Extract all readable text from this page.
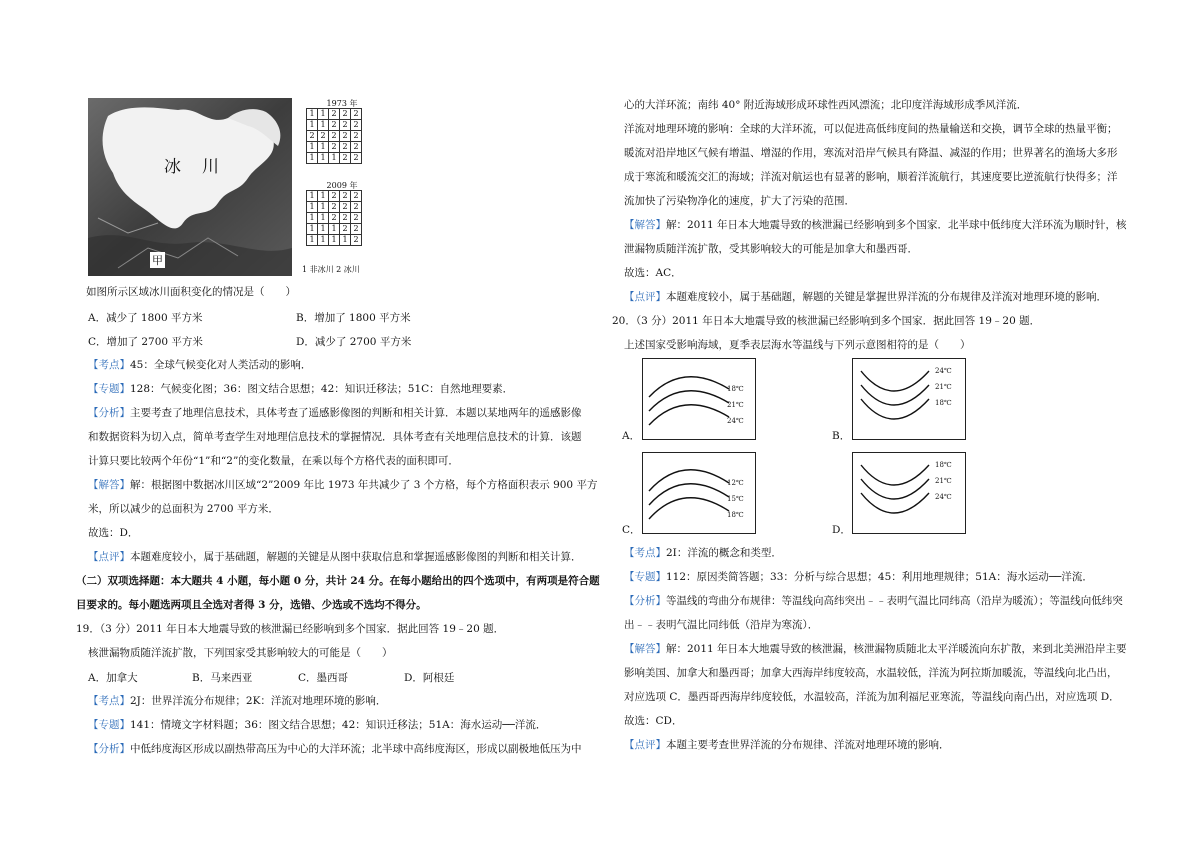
冰　川
甲
1973 年
1	1	2	2	2
1	1	2	2	2
2	2	2	2	2
1	1	2	2	2
1	1	1	2	2
2009 年
1	1	2	2	2
1	1	2	2	2
1	1	2	2	2
1	1	1	2	2
1	1	1	1	2
1 非冰川 2 冰川
如图所示区域冰川面积变化的情况是（　　）
A．减少了 1800 平方米	B．增加了 1800 平方米
C．增加了 2700 平方米	D．减少了 2700 平方米
【考点】45：全球气候变化对人类活动的影响．
【专题】128：气候变化图；36：图文结合思想；42：知识迁移法；51C：自然地理要素．
【分析】主要考查了地理信息技术，具体考查了遥感影像图的判断和相关计算．本题以某地两年的遥感影像
和数据资料为切入点，简单考查学生对地理信息技术的掌握情况．具体考查有关地理信息技术的计算．该题
计算只要比较两个年份“1”和“2”的变化数量，在乘以每个方格代表的面积即可．
【解答】解：根据图中数据冰川区域“2”2009 年比 1973 年共减少了 3 个方格，每个方格面积表示 900 平方
米，所以减少的总面积为 2700 平方米．
故选：D．
【点评】本题难度较小，属于基础题，解题的关键是从图中获取信息和掌握遥感影像图的判断和相关计算．
（二）双项选择题：本大题共 4 小题，每小题 0 分，共计 24 分。在每小题给出的四个选项中，有两项是符合题
目要求的。每小题选两项且全选对者得 3 分，选错、少选或不选均不得分。
19．（3 分）2011 年日本大地震导致的核泄漏已经影响到多个国家．据此回答 19﹣20 题．
核泄漏物质随洋流扩散，下列国家受其影响较大的可能是（　　）
A．加拿大	B．马来西亚	C．墨西哥	D．阿根廷
【考点】2J：世界洋流分布规律；2K：洋流对地理环境的影响．
【专题】141：情境文字材料题；36：图文结合思想；42：知识迁移法；51A：海水运动──洋流．
【分析】中低纬度海区形成以副热带高压为中心的大洋环流；北半球中高纬度海区，形成以副极地低压为中
心的大洋环流；南纬 40° 附近海域形成环球性西风漂流；北印度洋海域形成季风洋流．
洋流对地理环境的影响：全球的大洋环流，可以促进高低纬度间的热量输送和交换，调节全球的热量平衡；
暖流对沿岸地区气候有增温、增湿的作用，寒流对沿岸气候具有降温、减湿的作用；世界著名的渔场大多形
成于寒流和暖流交汇的海域；洋流对航运也有显著的影响，顺着洋流航行，其速度要比逆流航行快得多；洋
流加快了污染物净化的速度，扩大了污染的范围．
【解答】解：2011 年日本大地震导致的核泄漏已经影响到多个国家．北半球中低纬度大洋环流为顺时针，核
泄漏物质随洋流扩散，受其影响较大的可能是加拿大和墨西哥．
故选：AC．
【点评】本题难度较小，属于基础题，解题的关键是掌握世界洋流的分布规律及洋流对地理环境的影响．
20．（3 分）2011 年日本大地震导致的核泄漏已经影响到多个国家．据此回答 19﹣20 题．
上述国家受影响海域，夏季表层海水等温线与下列示意图相符的是（　　）
18℃
21℃
24℃
A．
24℃
21℃
18℃
B．
12℃
15℃
18℃
C．
18℃
21℃
24℃
D．
【考点】2I：洋流的概念和类型．
【专题】112：原因类简答题；33：分析与综合思想；45：利用地理规律；51A：海水运动──洋流．
【分析】等温线的弯曲分布规律：等温线向高纬突出﹣﹣表明气温比同纬高（沿岸为暖流）；等温线向低纬突
出﹣﹣表明气温比同纬低（沿岸为寒流）．
【解答】解：2011 年日本大地震导致的核泄漏，核泄漏物质随北太平洋暖流向东扩散，来到北美洲沿岸主要
影响美国、加拿大和墨西哥；加拿大西海岸纬度较高，水温较低，洋流为阿拉斯加暖流，等温线向北凸出，
对应选项 C．墨西哥西海岸纬度较低，水温较高，洋流为加利福尼亚寒流，等温线向南凸出，对应选项 D．
故选：CD．
【点评】本题主要考查世界洋流的分布规律、洋流对地理环境的影响．
